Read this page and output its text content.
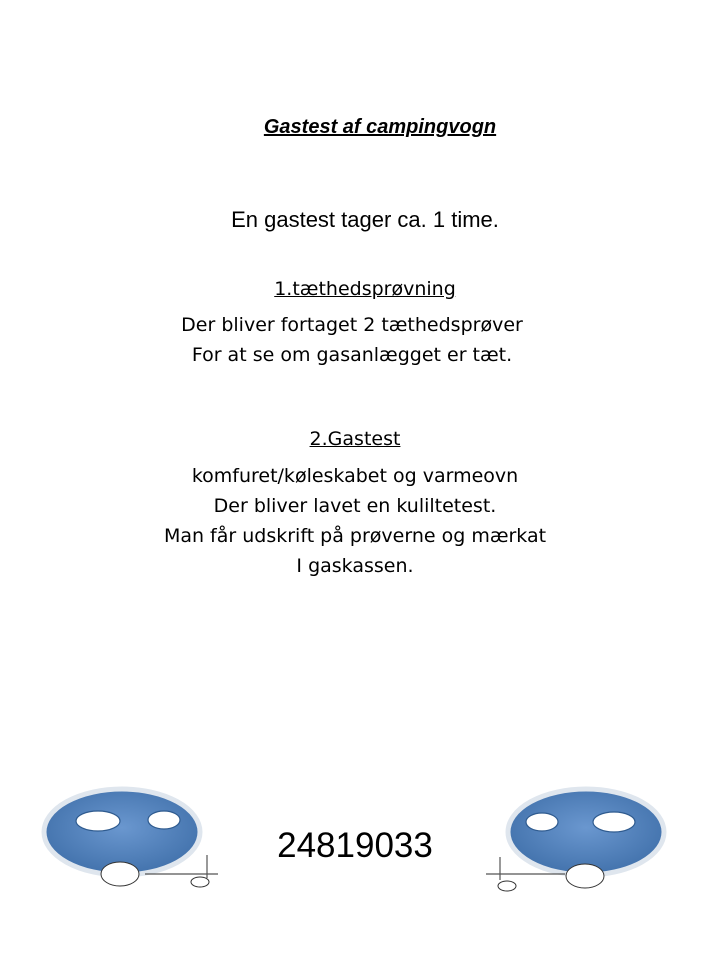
Gastest af campingvogn
En gastest tager ca. 1 time.
1.tæthedsprøvning
Der bliver fortaget 2 tæthedsprøver
For at se om gasanlægget er tæt.
2.Gastest
komfuret/køleskabet og varmeovn
Der bliver lavet en kuliltetest.
Man får udskrift på prøverne og mærkat
I gaskassen.
24819033
